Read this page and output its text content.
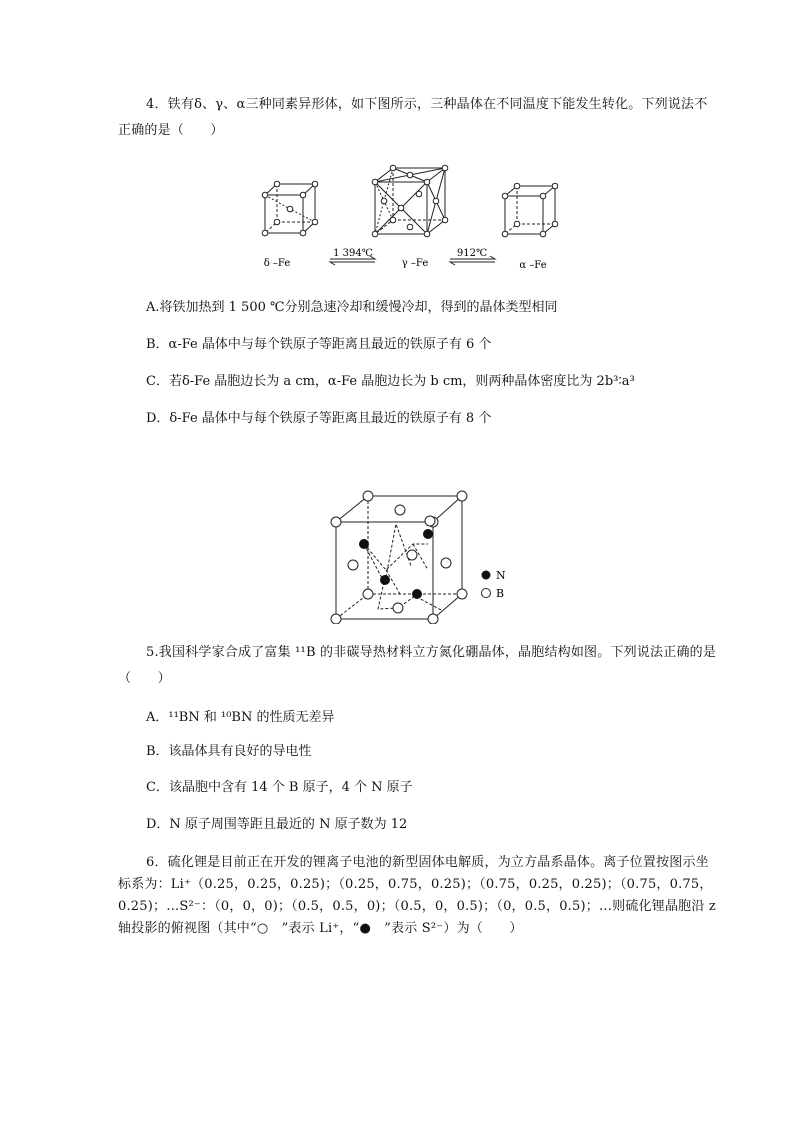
4．铁有δ、γ、α三种同素异形体，如下图所示，三种晶体在不同温度下能发生转化。下列说法不正确的是（　　）
δ –Fe
1 394℃
γ –Fe
912℃
α –Fe
A.将铁加热到 1 500 ℃分别急速冷却和缓慢冷却，得到的晶体类型相同
B．α-Fe 晶体中与每个铁原子等距离且最近的铁原子有 6 个
C．若δ-Fe 晶胞边长为 a cm，α-Fe 晶胞边长为 b cm，则两种晶体密度比为 2b³∶a³
D．δ-Fe 晶体中与每个铁原子等距离且最近的铁原子有 8 个
N
B
5.我国科学家合成了富集 ¹¹B 的非碳导热材料立方氮化硼晶体，晶胞结构如图。下列说法正确的是（　　）
A．¹¹BN 和 ¹⁰BN 的性质无差异
B．该晶体具有良好的导电性
C．该晶胞中含有 14 个 B 原子，4 个 N 原子
D．N 原子周围等距且最近的 N 原子数为 12
6．硫化锂是目前正在开发的锂离子电池的新型固体电解质，为立方晶系晶体。离子位置按图示坐标系为：Li⁺（0.25，0.25，0.25)；（0.25，0.75，0.25)；（0.75，0.25，0.25)；（0.75，0.75，0.25)；…S²⁻：（0，0，0)；（0.5，0.5，0)；（0.5，0，0.5)；（0，0.5，0.5)；…则硫化锂晶胞沿 z 轴投影的俯视图（其中“○　”表示 Li⁺，“●　”表示 S²⁻）为（　　）
